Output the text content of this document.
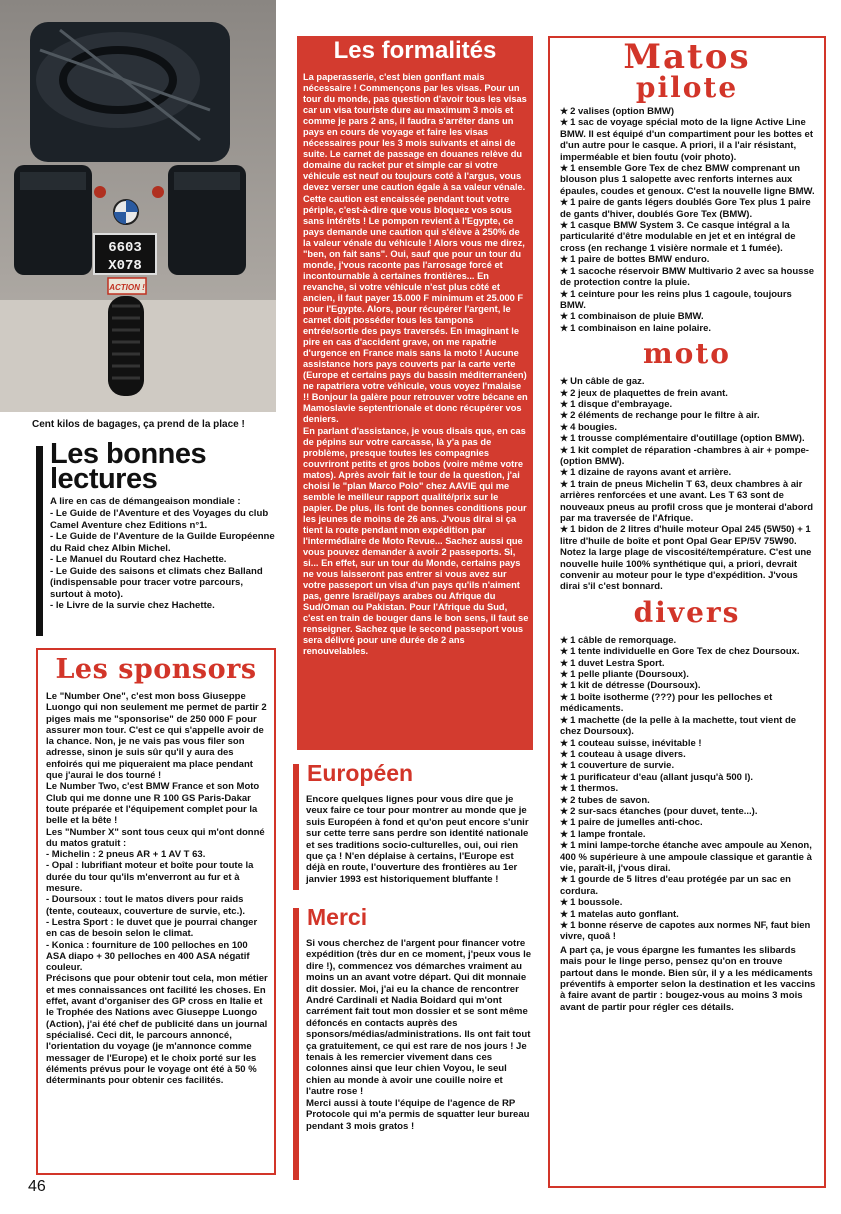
6603
X078
ACTION !
Cent kilos de bagages, ça prend de la place !
Les bonnes
lectures
A lire en cas de démangeaison mondiale :
- Le Guide de l'Aventure et des Voyages du club Camel Aventure chez Editions n°1.
- Le Guide de l'Aventure de la Guilde Européenne du Raid chez Albin Michel.
- Le Manuel du Routard chez Hachette.
- Le Guide des saisons et climats chez Balland (indispensable pour tracer votre parcours, surtout à moto).
- le Livre de la survie chez Hachette.
Les sponsors
Le "Number One", c'est mon boss Giuseppe Luongo qui non seulement me permet de partir 2 piges mais me "sponsorise" de 250 000 F pour assurer mon tour. C'est ce qui s'appelle avoir de la chance. Non, je ne vais pas vous filer son adresse, sinon je suis sûr qu'il y aura des enfoirés qui me piqueraient ma place pendant que j'aurai le dos tourné !
Le Number Two, c'est BMW France et son Moto Club qui me donne une R 100 GS Paris-Dakar toute préparée et l'équipement complet pour la belle et la bête !
Les "Number X" sont tous ceux qui m'ont donné du matos gratuit :
- Michelin : 2 pneus AR + 1 AV T 63.
- Opal : lubrifiant moteur et boîte pour toute la durée du tour qu'ils m'enverront au fur et à mesure.
- Doursoux : tout le matos divers pour raids (tente, couteaux, couverture de survie, etc.).
- Lestra Sport : le duvet que je pourrai changer en cas de besoin selon le climat.
- Konica : fourniture de 100 pelloches en 100 ASA diapo + 30 pelloches en 400 ASA négatif couleur.
Précisons que pour obtenir tout cela, mon métier et mes connaissances ont facilité les choses. En effet, avant d'organiser des GP cross en Italie et le Trophée des Nations avec Giuseppe Luongo (Action), j'ai été chef de publicité dans un journal spécialisé. Ceci dit, le parcours annoncé, l'orientation du voyage (je m'annonce comme messager de l'Europe) et le choix porté sur les éléments prévus pour le voyage ont été à 50 % déterminants pour obtenir ces facilités.
46
Les formalités
La paperasserie, c'est bien gonflant mais nécessaire ! Commençons par les visas. Pour un tour du monde, pas question d'avoir tous les visas car un visa touriste dure au maximum 3 mois et comme je pars 2 ans, il faudra s'arrêter dans un pays en cours de voyage et faire les visas nécessaires pour les 3 mois suivants et ainsi de suite. Le carnet de passage en douanes relève du domaine du racket pur et simple car si votre véhicule est neuf ou toujours coté à l'argus, vous devez verser une caution égale à sa valeur vénale. Cette caution est encaissée pendant tout votre périple, c'est-à-dire que vous bloquez vos sous sans intérêts ! Le pompon revient à l'Egypte, ce pays demande une caution qui s'élève à 250% de la valeur vénale du véhicule ! Alors vous me direz, "ben, on fait sans". Oui, sauf que pour un tour du monde, j'vous raconte pas l'arrosage forcé et incontournable à certaines frontières... En revanche, si votre véhicule n'est plus côté et ancien, il faut payer 15.000 F minimum et 25.000 F pour l'Egypte. Alors, pour récupérer l'argent, le carnet doit posséder tous les tampons entrée/sortie des pays traversés. En imaginant le pire en cas d'accident grave, on me rapatrie d'urgence en France mais sans la moto ! Aucune assistance hors pays couverts par la carte verte (Europe et certains pays du bassin méditerranéen) ne rapatriera votre véhicule, vous voyez l'malaise !! Bonjour la galère pour retrouver votre bécane en Mamoslavie septentrionale et donc récupérer vos deniers.
En parlant d'assistance, je vous disais que, en cas de pépins sur votre carcasse, là y'a pas de problème, presque toutes les compagnies couvriront petits et gros bobos (voire même votre matos). Après avoir fait le tour de la question, j'ai choisi le "plan Marco Polo" chez AAVIE qui me semble le meilleur rapport qualité/prix sur le papier. De plus, ils font de bonnes conditions pour les jeunes de moins de 26 ans. J'vous dirai si ça tient la route pendant mon expédition par l'intermédiaire de Moto Revue... Sachez aussi que vous pouvez demander à avoir 2 passeports. Si, si... En effet, sur un tour du Monde, certains pays ne vous laisseront pas entrer si vous avez sur votre passeport un visa d'un pays qu'ils n'aiment pas, genre Israël/pays arabes ou Afrique du Sud/Oman ou Pakistan. Pour l'Afrique du Sud, c'est en train de bouger dans le bon sens, il faut se renseigner. Sachez que le second passeport vous sera délivré pour une durée de 2 ans renouvelables.
Européen
Encore quelques lignes pour vous dire que je veux faire ce tour pour montrer au monde que je suis Européen à fond et qu'on peut encore s'unir sur cette terre sans perdre son identité nationale et ses traditions socio-culturelles, oui, oui rien que ça ! N'en déplaise à certains, l'Europe est déjà en route, l'ouverture des frontières au 1er janvier 1993 est historiquement bluffante !
Merci
Si vous cherchez de l'argent pour financer votre expédition (très dur en ce moment, j'peux vous le dire !), commencez vos démarches vraiment au moins un an avant votre départ. Qui dit monnaie dit dossier. Moi, j'ai eu la chance de rencontrer André Cardinali et Nadia Boidard qui m'ont carrément fait tout mon dossier et se sont même défoncés en contacts auprès des sponsors/médias/administrations. Ils ont fait tout ça gratuitement, ce qui est rare de nos jours ! Je tenais à les remercier vivement dans ces colonnes ainsi que leur chien Voyou, le seul chien au monde à avoir une couille noire et l'autre rose !
Merci aussi à toute l'équipe de l'agence de RP Protocole qui m'a permis de squatter leur bureau pendant 3 mois gratos !
Matos
pilote
★ 2 valises (option BMW)
★ 1 sac de voyage spécial moto de la ligne Active Line BMW. Il est équipé d'un compartiment pour les bottes et d'un autre pour le casque. A priori, il a l'air résistant, imperméable et bien foutu (voir photo).
★ 1 ensemble Gore Tex de chez BMW comprenant un blouson plus 1 salopette avec renforts internes aux épaules, coudes et genoux. C'est la nouvelle ligne BMW.
★ 1 paire de gants légers doublés Gore Tex plus 1 paire de gants d'hiver, doublés Gore Tex (BMW).
★ 1 casque BMW System 3. Ce casque intégral a la particularité d'être modulable en jet et en intégral de cross (en rechange 1 visière normale et 1 fumée).
★ 1 paire de bottes BMW enduro.
★ 1 sacoche réservoir BMW Multivario 2 avec sa housse de protection contre la pluie.
★ 1 ceinture pour les reins plus 1 cagoule, toujours BMW.
★ 1 combinaison de pluie BMW.
★ 1 combinaison en laine polaire.
moto
★ Un câble de gaz.
★ 2 jeux de plaquettes de frein avant.
★ 1 disque d'embrayage.
★ 2 éléments de rechange pour le filtre à air.
★ 4 bougies.
★ 1 trousse complémentaire d'outillage (option BMW).
★ 1 kit complet de réparation -chambres à air + pompe- (option BMW).
★ 1 dizaine de rayons avant et arrière.
★ 1 train de pneus Michelin T 63, deux chambres à air arrières renforcées et une avant. Les T 63 sont de nouveaux pneus au profil cross que je monterai d'abord par ma traversée de l'Afrique.
★ 1 bidon de 2 litres d'huile moteur Opal 245 (5W50) + 1 litre d'huile de boîte et pont Opal Gear EP/5V 75W90. Notez la large plage de viscosité/température. C'est une nouvelle huile 100% synthétique qui, a priori, devrait convenir au moteur pour le type d'expédition. J'vous dirai s'il c'est bonnard.
divers
★ 1 câble de remorquage.
★ 1 tente individuelle en Gore Tex de chez Doursoux.
★ 1 duvet Lestra Sport.
★ 1 pelle pliante (Doursoux).
★ 1 kit de détresse (Doursoux).
★ 1 boîte isotherme (???) pour les pelloches et médicaments.
★ 1 machette (de la pelle à la machette, tout vient de chez Doursoux).
★ 1 couteau suisse, inévitable !
★ 1 couteau à usage divers.
★ 1 couverture de survie.
★ 1 purificateur d'eau (allant jusqu'à 500 l).
★ 1 thermos.
★ 2 tubes de savon.
★ 2 sur-sacs étanches (pour duvet, tente...).
★ 1 paire de jumelles anti-choc.
★ 1 lampe frontale.
★ 1 mini lampe-torche étanche avec ampoule au Xenon, 400 % supérieure à une ampoule classique et garantie à vie, paraît-il, j'vous dirai.
★ 1 gourde de 5 litres d'eau protégée par un sac en cordura.
★ 1 boussole.
★ 1 matelas auto gonflant.
★ 1 bonne réserve de capotes aux normes NF, faut bien vivre, quoâ !
A part ça, je vous épargne les fumantes les slibards mais pour le linge perso, pensez qu'on en trouve partout dans le monde. Bien sûr, il y a les médicaments préventifs à emporter selon la destination et les vaccins à faire avant de partir : bougez-vous au moins 3 mois avant de partir pour régler ces détails.
